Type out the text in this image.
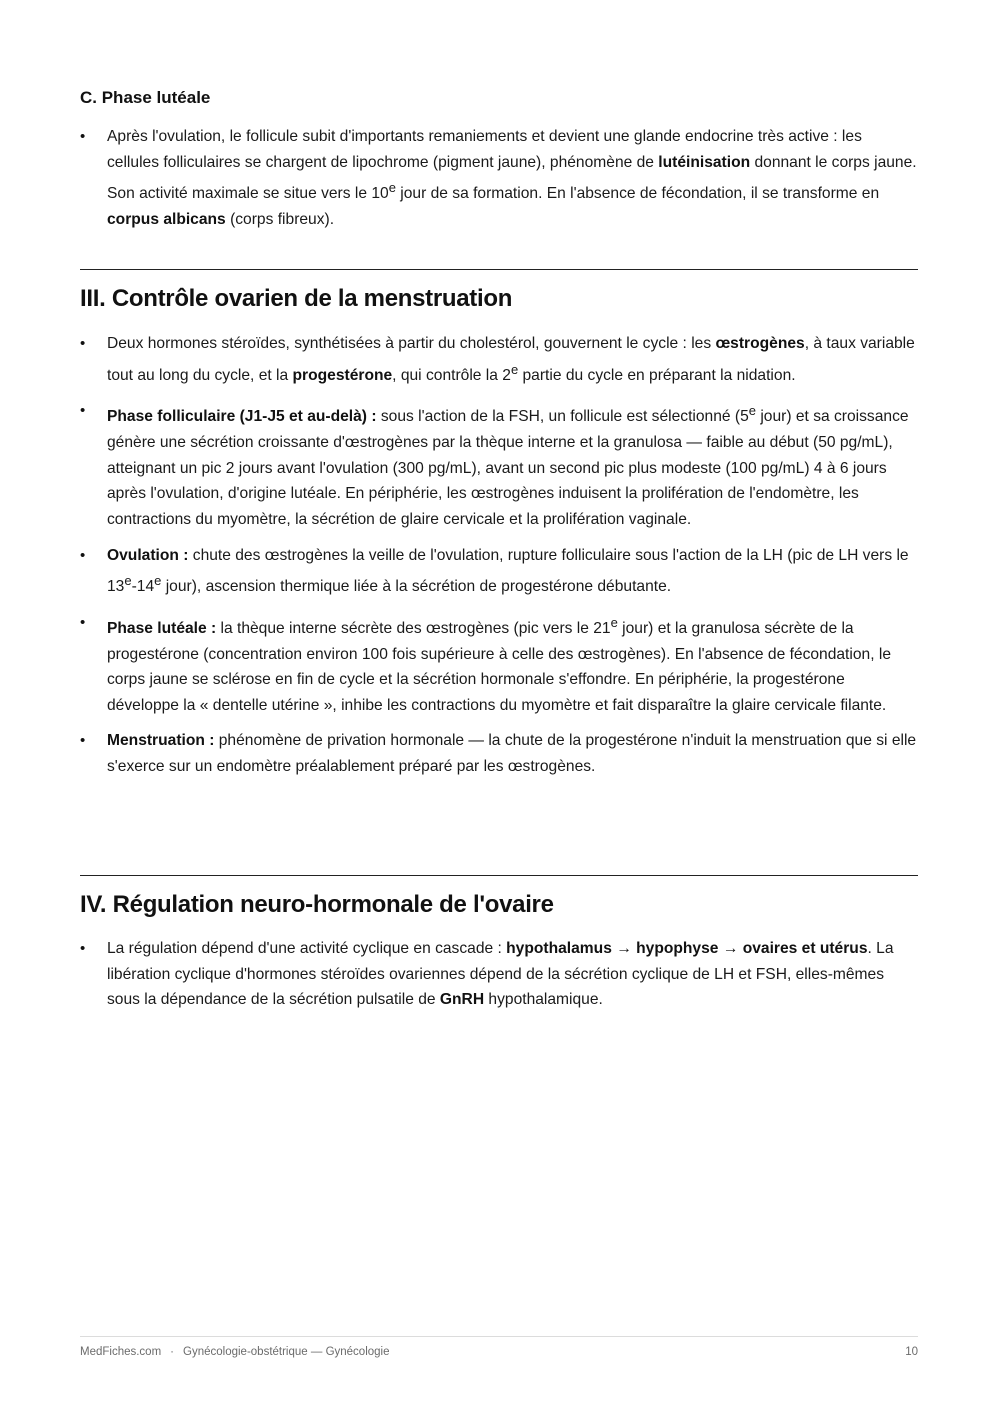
C. Phase lutéale
• Après l'ovulation, le follicule subit d'importants remaniements et devient une glande endocrine très active : les cellules folliculaires se chargent de lipochrome (pigment jaune), phénomène de lutéinisation donnant le corps jaune. Son activité maximale se situe vers le 10e jour de sa formation. En l'absence de fécondation, il se transforme en corpus albicans (corps fibreux).
III. Contrôle ovarien de la menstruation
• Deux hormones stéroïdes, synthétisées à partir du cholestérol, gouvernent le cycle : les œstrogènes, à taux variable tout au long du cycle, et la progestérone, qui contrôle la 2e partie du cycle en préparant la nidation.
• Phase folliculaire (J1-J5 et au-delà) : sous l'action de la FSH, un follicule est sélectionné (5e jour) et sa croissance génère une sécrétion croissante d'œstrogènes par la thèque interne et la granulosa — faible au début (50 pg/mL), atteignant un pic 2 jours avant l'ovulation (300 pg/mL), avant un second pic plus modeste (100 pg/mL) 4 à 6 jours après l'ovulation, d'origine lutéale. En périphérie, les œstrogènes induisent la prolifération de l'endomètre, les contractions du myomètre, la sécrétion de glaire cervicale et la prolifération vaginale.
• Ovulation : chute des œstrogènes la veille de l'ovulation, rupture folliculaire sous l'action de la LH (pic de LH vers le 13e-14e jour), ascension thermique liée à la sécrétion de progestérone débutante.
• Phase lutéale : la thèque interne sécrète des œstrogènes (pic vers le 21e jour) et la granulosa sécrète de la progestérone (concentration environ 100 fois supérieure à celle des œstrogènes). En l'absence de fécondation, le corps jaune se sclérose en fin de cycle et la sécrétion hormonale s'effondre. En périphérie, la progestérone développe la « dentelle utérine », inhibe les contractions du myomètre et fait disparaître la glaire cervicale filante.
• Menstruation : phénomène de privation hormonale — la chute de la progestérone n'induit la menstruation que si elle s'exerce sur un endomètre préalablement préparé par les œstrogènes.
IV. Régulation neuro-hormonale de l'ovaire
• La régulation dépend d'une activité cyclique en cascade : hypothalamus → hypophyse → ovaires et utérus. La libération cyclique d'hormones stéroïdes ovariennes dépend de la sécrétion cyclique de LH et FSH, elles-mêmes sous la dépendance de la sécrétion pulsatile de GnRH hypothalamique.
MedFiches.com · Gynécologie-obstétrique — Gynécologie	10
